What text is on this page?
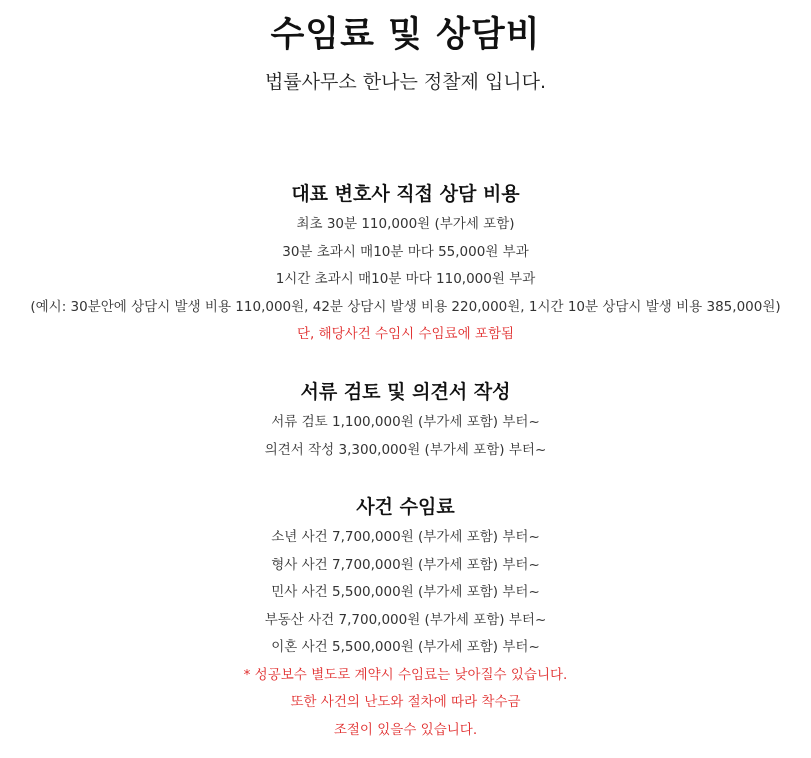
수임료 및 상담비
법률사무소 한나는 정찰제 입니다.
대표 변호사 직접 상담 비용
최초 30분 110,000원 (부가세 포함)
30분 초과시 매10분 마다 55,000원 부과
1시간 초과시 매10분 마다 110,000원 부과
(예시: 30분안에 상담시 발생 비용 110,000원, 42분 상담시 발생 비용 220,000원, 1시간 10분 상담시 발생 비용 385,000원)
단, 해당사건 수임시 수임료에 포함됨
서류 검토 및 의견서 작성
서류 검토 1,100,000원 (부가세 포함) 부터~
의견서 작성 3,300,000원 (부가세 포함) 부터~
사건 수임료
소년 사건 7,700,000원 (부가세 포함) 부터~
형사 사건 7,700,000원 (부가세 포함) 부터~
민사 사건 5,500,000원 (부가세 포함) 부터~
부동산 사건 7,700,000원 (부가세 포함) 부터~
이혼 사건 5,500,000원 (부가세 포함) 부터~
* 성공보수 별도로 계약시 수임료는 낮아질수 있습니다.
또한 사건의 난도와 절차에 따라 착수금
조절이 있을수 있습니다.
